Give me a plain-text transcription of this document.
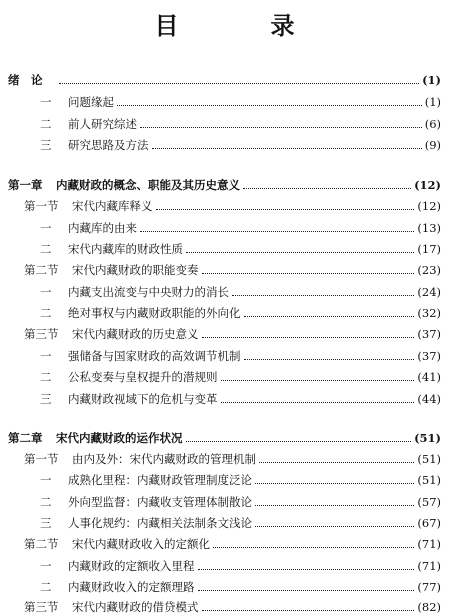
目　录
绪　论	(1)
一	问题缘起	(1)
二	前人研究综述	(6)
三	研究思路及方法	(9)
第一章	内藏财政的概念、职能及其历史意义	(12)
第一节	宋代内藏库释义	(12)
一	内藏库的由来	(13)
二	宋代内藏库的财政性质	(17)
第二节	宋代内藏财政的职能变奏	(23)
一	内藏支出流变与中央财力的消长	(24)
二	绝对事权与内藏财政职能的外向化	(32)
第三节	宋代内藏财政的历史意义	(37)
一	强储备与国家财政的高效调节机制	(37)
二	公私变奏与皇权提升的潜规则	(41)
三	内藏财政视域下的危机与变革	(44)
第二章	宋代内藏财政的运作状况	(51)
第一节	由内及外：宋代内藏财政的管理机制	(51)
一	成熟化里程：内藏财政管理制度泛论	(51)
二	外向型监督：内藏收支管理体制散论	(57)
三	人事化规约：内藏相关法制条文浅论	(67)
第二节	宋代内藏财政收入的定额化	(71)
一	内藏财政的定额收入里程	(71)
二	内藏财政收入的定额理路	(77)
第三节	宋代内藏财政的借贷模式	(82)
